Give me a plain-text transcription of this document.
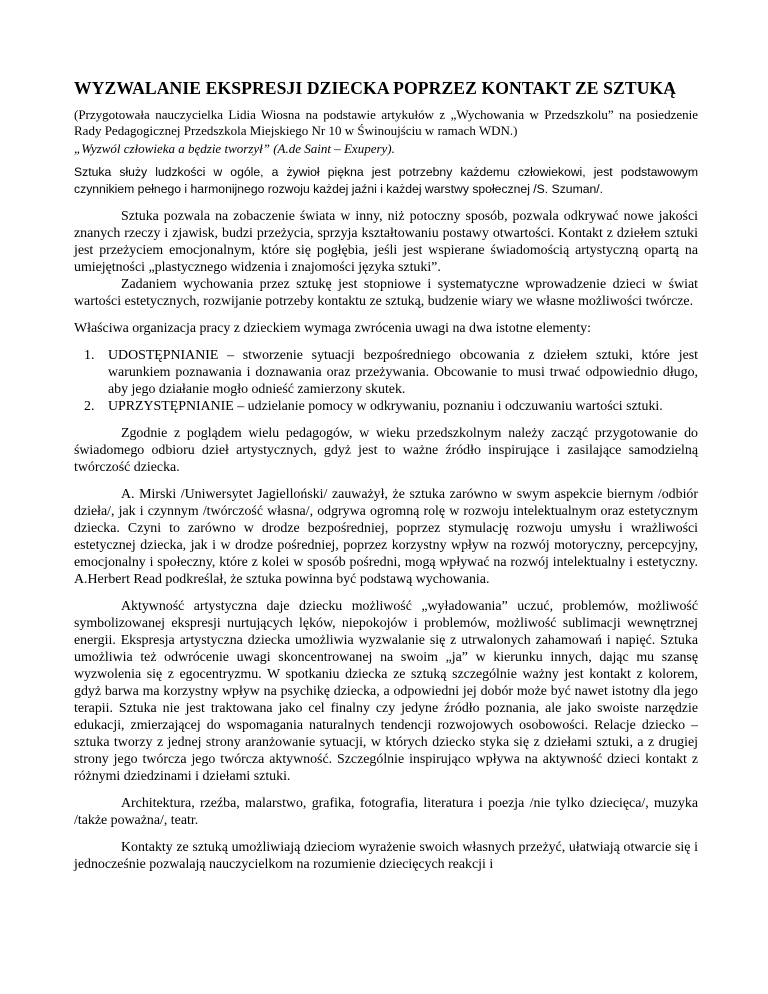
WYZWALANIE EKSPRESJI DZIECKA POPRZEZ KONTAKT ZE SZTUKĄ

(Przygotowała nauczycielka Lidia Wiosna na podstawie artykułów z „Wychowania w Przedszkolu” na posiedzenie Rady Pedagogicznej Przedszkola Miejskiego Nr 10 w Świnoujściu w ramach WDN.)

„Wyzwól człowieka a będzie tworzył” (A.de Saint – Exupery).

Sztuka służy ludzkości w ogóle, a żywioł piękna jest potrzebny każdemu człowiekowi, jest podstawowym czynnikiem pełnego i harmonijnego rozwoju każdej jaźni i każdej warstwy społecznej /S. Szuman/.

Sztuka pozwala na zobaczenie świata w inny, niż potoczny sposób, pozwala odkrywać nowe jakości znanych rzeczy i zjawisk, budzi przeżycia, sprzyja kształtowaniu postawy otwartości. Kontakt z dziełem sztuki jest przeżyciem emocjonalnym, które się pogłębia, jeśli jest wspierane świadomością artystyczną opartą na umiejętności „plastycznego widzenia i znajomości języka sztuki”.

Zadaniem wychowania przez sztukę jest stopniowe i systematyczne wprowadzenie dzieci w świat wartości estetycznych, rozwijanie potrzeby kontaktu ze sztuką, budzenie wiary we własne możliwości twórcze.

Właściwa organizacja pracy z dzieckiem wymaga zwrócenia uwagi na dwa istotne elementy:

1. UDOSTĘPNIANIE – stworzenie sytuacji bezpośredniego obcowania z dziełem sztuki, które jest warunkiem poznawania i doznawania oraz przeżywania. Obcowanie to musi trwać odpowiednio długo, aby jego działanie mogło odnieść zamierzony skutek.
2. UPRZYSTĘPNIANIE – udzielanie pomocy w odkrywaniu, poznaniu i odczuwaniu wartości sztuki.

Zgodnie z poglądem wielu pedagogów, w wieku przedszkolnym należy zacząć przygotowanie do świadomego odbioru dzieł artystycznych, gdyż jest to ważne źródło inspirujące i zasilające samodzielną twórczość dziecka.

A. Mirski /Uniwersytet Jagielloński/ zauważył, że sztuka zarówno w swym aspekcie biernym /odbiór dzieła/, jak i czynnym /twórczość własna/, odgrywa ogromną rolę w rozwoju intelektualnym oraz estetycznym dziecka. Czyni to zarówno w drodze bezpośredniej, poprzez stymulację rozwoju umysłu i wrażliwości estetycznej dziecka, jak i w drodze pośredniej, poprzez korzystny wpływ na rozwój motoryczny, percepcyjny, emocjonalny i społeczny, które z kolei w sposób pośredni, mogą wpływać na rozwój intelektualny i estetyczny. A.Herbert Read podkreślał, że sztuka powinna być podstawą wychowania.

Aktywność artystyczna daje dziecku możliwość „wyładowania” uczuć, problemów, możliwość symbolizowanej ekspresji nurtujących lęków, niepokojów i problemów, możliwość sublimacji wewnętrznej energii. Ekspresja artystyczna dziecka umożliwia wyzwalanie się z utrwalonych zahamowań i napięć. Sztuka umożliwia też odwrócenie uwagi skoncentrowanej na swoim „ja” w kierunku innych, dając mu szansę wyzwolenia się z egocentryzmu. W spotkaniu dziecka ze sztuką szczególnie ważny jest kontakt z kolorem, gdyż barwa ma korzystny wpływ na psychikę dziecka, a odpowiedni jej dobór może być nawet istotny dla jego terapii. Sztuka nie jest traktowana jako cel finalny czy jedyne źródło poznania, ale jako swoiste narzędzie edukacji, zmierzającej do wspomagania naturalnych tendencji rozwojowych osobowości. Relacje dziecko – sztuka tworzy z jednej strony aranżowanie sytuacji, w których dziecko styka się z dziełami sztuki, a z drugiej strony jego twórcza jego twórcza aktywność. Szczególnie inspirująco wpływa na aktywność dzieci kontakt z różnymi dziedzinami i dziełami sztuki.

Architektura, rzeźba, malarstwo, grafika, fotografia, literatura i poezja /nie tylko dziecięca/, muzyka /także poważna/, teatr.

Kontakty ze sztuką umożliwiają dzieciom wyrażenie swoich własnych przeżyć, ułatwiają otwarcie się i jednocześnie pozwalają nauczycielkom na rozumienie dziecięcych reakcji i
